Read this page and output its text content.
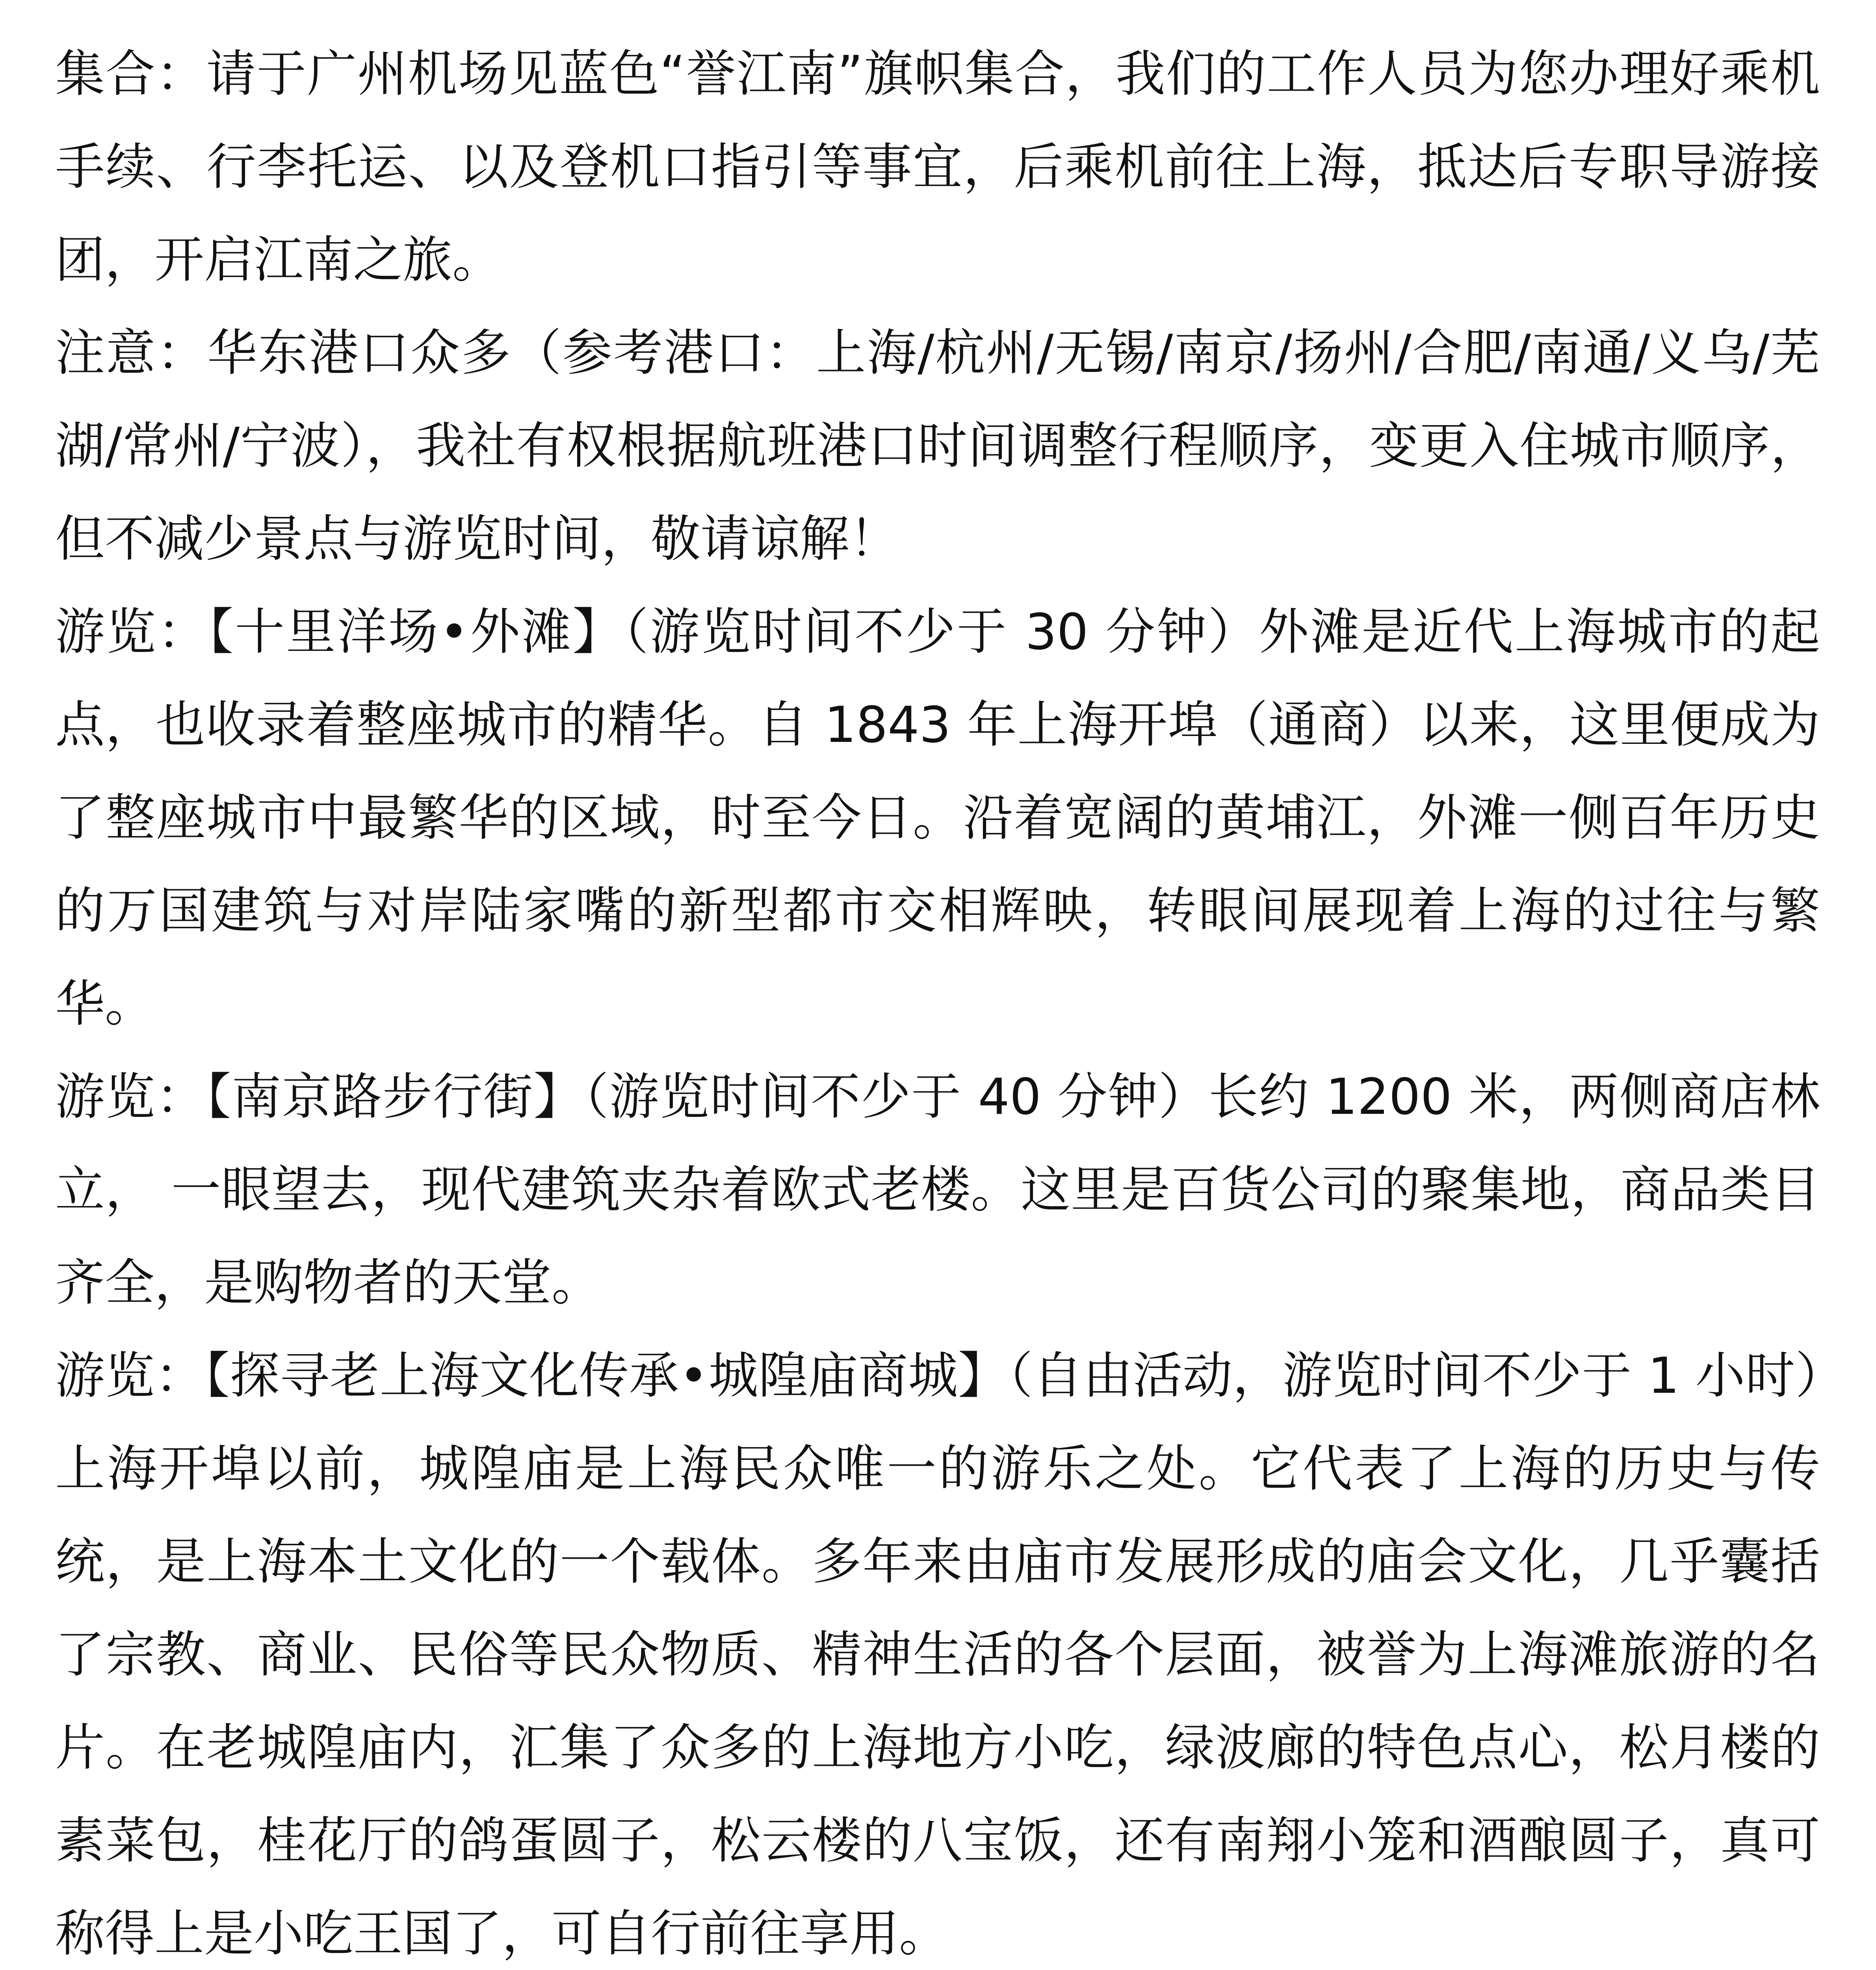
集合：请于广州机场见蓝色“誉江南”旗帜集合，我们的工作人员为您办理好乘机手续、行李托运、以及登机口指引等事宜，后乘机前往上海，抵达后专职导游接团，开启江南之旅。

注意：华东港口众多（参考港口：上海/杭州/无锡/南京/扬州/合肥/南通/义乌/芜湖/常州/宁波），我社有权根据航班港口时间调整行程顺序，变更入住城市顺序，但不减少景点与游览时间，敬请谅解！

游览：【十里洋场•外滩】（游览时间不少于 30 分钟）外滩是近代上海城市的起点，也收录着整座城市的精华。自 1843 年上海开埠（通商）以来，这里便成为了整座城市中最繁华的区域，时至今日。沿着宽阔的黄埔江，外滩一侧百年历史的万国建筑与对岸陆家嘴的新型都市交相辉映，转眼间展现着上海的过往与繁华。

游览：【南京路步行街】（游览时间不少于 40 分钟）长约 1200 米，两侧商店林立， 一眼望去，现代建筑夹杂着欧式老楼。这里是百货公司的聚集地，商品类目齐全，是购物者的天堂。

游览：【探寻老上海文化传承•城隍庙商城】（自由活动，游览时间不少于 1 小时）上海开埠以前，城隍庙是上海民众唯一的游乐之处。它代表了上海的历史与传统，是上海本土文化的一个载体。多年来由庙市发展形成的庙会文化，几乎囊括了宗教、商业、民俗等民众物质、精神生活的各个层面，被誉为上海滩旅游的名片。在老城隍庙内，汇集了众多的上海地方小吃，绿波廊的特色点心，松月楼的素菜包，桂花厅的鸽蛋圆子，松云楼的八宝饭，还有南翔小笼和酒酿圆子，真可称得上是小吃王国了，可自行前往享用。
